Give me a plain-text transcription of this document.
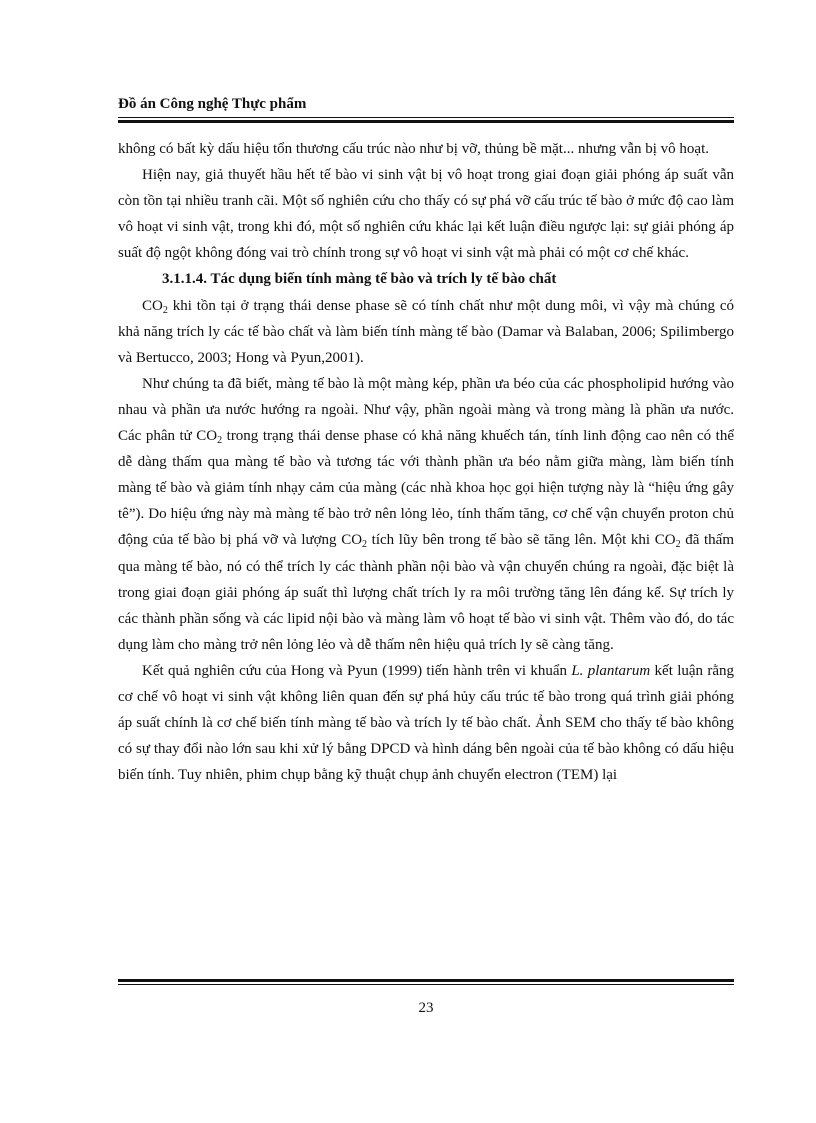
Đồ án Công nghệ Thực phẩm

không có bất kỳ dấu hiệu tổn thương cấu trúc nào như bị vỡ, thủng bề mặt... nhưng vẫn bị vô hoạt.

Hiện nay, giả thuyết hầu hết tế bào vi sinh vật bị vô hoạt trong giai đoạn giải phóng áp suất vẫn còn tồn tại nhiều tranh cãi. Một số nghiên cứu cho thấy có sự phá vỡ cấu trúc tế bào ở mức độ cao làm vô hoạt vi sinh vật, trong khi đó, một số nghiên cứu khác lại kết luận điều ngược lại: sự giải phóng áp suất độ ngột không đóng vai trò chính trong sự vô hoạt vi sinh vật mà phải có một cơ chế khác.

3.1.1.4. Tác dụng biến tính màng tế bào và trích ly tế bào chất

$CO_2$ khi tồn tại ở trạng thái dense phase sẽ có tính chất như một dung môi, vì vậy mà chúng có khả năng trích ly các tế bào chất và làm biến tính màng tế bào (Damar và Balaban, 2006; Spilimbergo và Bertucco, 2003; Hong và Pyun,2001).

Như chúng ta đã biết, màng tế bào là một màng kép, phần ưa béo của các phospholipid hướng vào nhau và phần ưa nước hướng ra ngoài. Như vậy, phần ngoài màng và trong màng là phần ưa nước. Các phân tử $CO_2$ trong trạng thái dense phase có khả năng khuếch tán, tính linh động cao nên có thể dễ dàng thấm qua màng tế bào và tương tác với thành phần ưa béo nằm giữa màng, làm biến tính màng tế bào và giảm tính nhạy cảm của màng (các nhà khoa học gọi hiện tượng này là “hiệu ứng gây tê”). Do hiệu ứng này mà màng tế bào trở nên lỏng lẻo, tính thấm tăng, cơ chế vận chuyển proton chủ động của tế bào bị phá vỡ và lượng $CO_2$ tích lũy bên trong tế bào sẽ tăng lên. Một khi $CO_2$ đã thấm qua màng tế bào, nó có thể trích ly các thành phần nội bào và vận chuyển chúng ra ngoài, đặc biệt là trong giai đoạn giải phóng áp suất thì lượng chất trích ly ra môi trường tăng lên đáng kể. Sự trích ly các thành phần sống và các lipid nội bào và màng làm vô hoạt tế bào vi sinh vật. Thêm vào đó, do tác dụng làm cho màng trở nên lỏng lẻo và dễ thấm nên hiệu quả trích ly sẽ càng tăng.

Kết quả nghiên cứu của Hong và Pyun (1999) tiến hành trên vi khuẩn L. plantarum kết luận rằng cơ chế vô hoạt vi sinh vật không liên quan đến sự phá hủy cấu trúc tế bào trong quá trình giải phóng áp suất chính là cơ chế biến tính màng tế bào và trích ly tế bào chất. Ảnh SEM cho thấy tế bào không có sự thay đổi nào lớn sau khi xử lý bằng DPCD và hình dáng bên ngoài của tế bào không có dấu hiệu biến tính. Tuy nhiên, phim chụp bằng kỹ thuật chụp ảnh chuyển electron (TEM) lại

23
